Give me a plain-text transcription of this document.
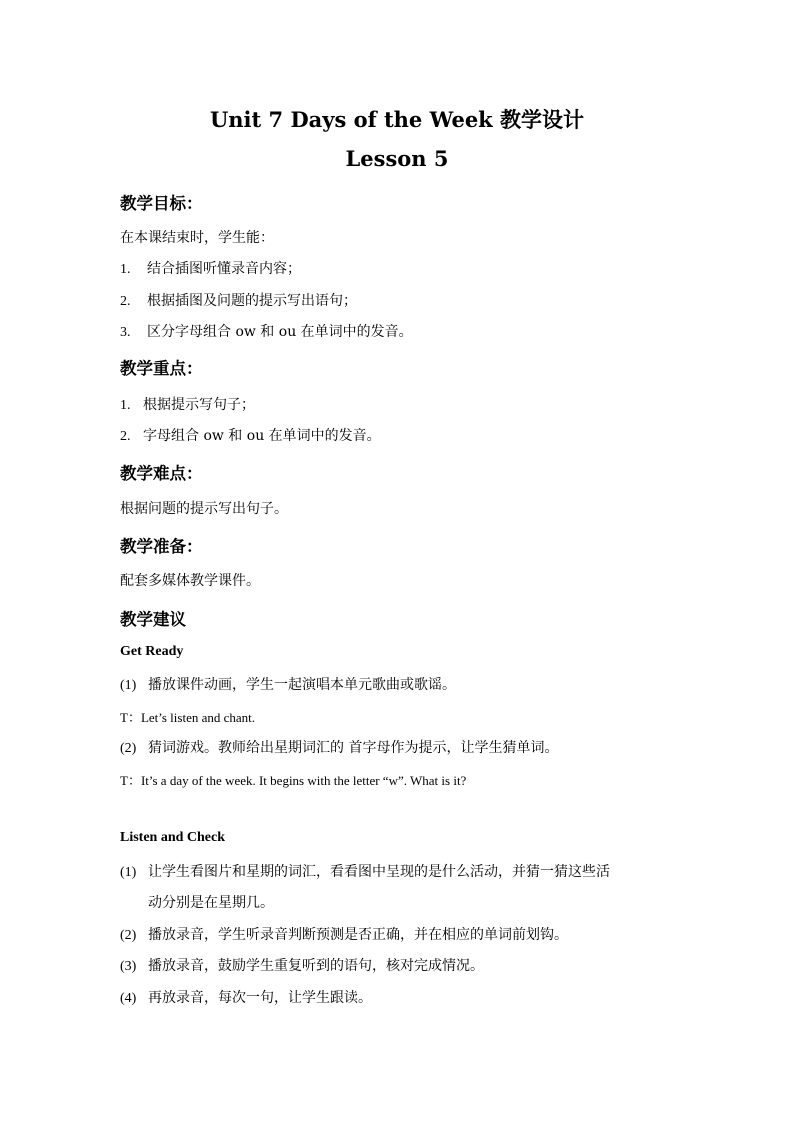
Unit 7 Days of the Week 教学设计
Lesson 5
教学目标：
在本课结束时，学生能：
1. 结合插图听懂录音内容；
2. 根据插图及问题的提示写出语句；
3. 区分字母组合 ow 和 ou 在单词中的发音。
教学重点：
1. 根据提示写句子；
2. 字母组合 ow 和 ou 在单词中的发音。
教学难点：
根据问题的提示写出句子。
教学准备：
配套多媒体教学课件。
教学建议
Get Ready
(1) 播放课件动画，学生一起演唱本单元歌曲或歌谣。
T：Let’s listen and chant.
(2) 猜词游戏。教师给出星期词汇的 首字母作为提示，让学生猜单词。
T：It’s a day of the week. It begins with the letter “w”. What is it?
Listen and Check
(1) 让学生看图片和星期的词汇，看看图中呈现的是什么活动，并猜一猜这些活
动分别是在星期几。
(2) 播放录音，学生听录音判断预测是否正确，并在相应的单词前划钩。
(3) 播放录音，鼓励学生重复听到的语句，核对完成情况。
(4) 再放录音，每次一句，让学生跟读。
